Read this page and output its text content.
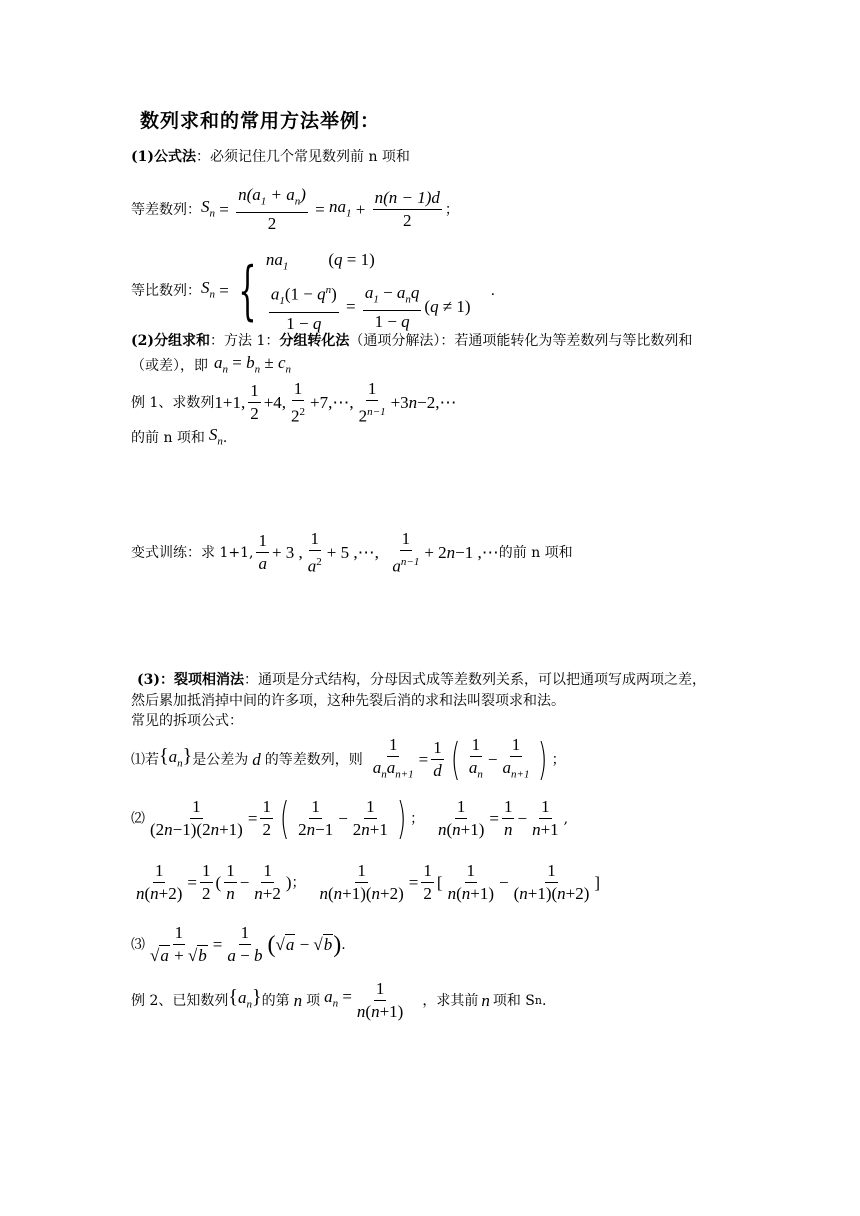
数列求和的常用方法举例：
(1)公式法：必须记住几个常见数列前 n 项和
等差数列： $S_n = \frac{n(a_1 + a_n)}{2} = na_1 + \frac{n(n - 1)d}{2}$ ；
等比数列： $S_n$ = { $na_1$ (q = 1)
$\frac{a_1(1 - q^n)}{1 - q}$ =
$a_1 - a_nq$
1 − q
(q ≠ 1)
.
(2)分组求和：方法 1：分组转化法（通项分解法）：若通项能转化为等差数列与等比数列和
（或差），即 $a_n = b_n \pm c_n$
例 1、求数列 1+1,
1
2
+4,
1
$2^2$
+7,⋯,
1
$2^{n-1}$
+3 n −2,⋯
的前 n 项和 $S_n$ .
变式训练：求 1+1,
1
a
+ 3 ,
1
$a^2$
+ 5 ,⋯,
1
$a^{n-1}$
+ 2 n −1 ,⋯ 的前 n 项和
(3)：裂项相消法：通项是分式结构，分母因式成等差数列关系，可以把通项写成两项之差，
然后累加抵消掉中间的许多项，这种先裂后消的求和法叫裂项求和法。
常见的拆项公式：
⑴若 $\{a_n\}$ 是公差为 d 的等差数列，则
1
$a_na_{n+1}$
= $\frac{1}{d}$ ( 1
$a_n$
− $\frac{1}{a_{n+1}}$ ) ；
⑵ $\frac{1}{(2n-1)(2n+1)} = \frac{1}{2}$ ( 1
2n−1
− $\frac{1}{2n+1}$ ) ； $\frac{1}{n(n+1)} = \frac{1}{n} - \frac{1}{n+1}$ ,
$\frac{1}{n(n+2)} = \frac{1}{2}$ (
1
n
− $\frac{1}{n+2}$ ) ； $\frac{1}{n(n+1)(n+2)} = \frac{1}{2}$ [
1
n(n+1)
− $\frac{1}{(n+1)(n+2)}$ ]
⑶ $\frac{1}{√a + √b} = \frac{1}{a - b}$ ( √a − √b ) .
例 2、已知数列 $\{a_n\}$ 的第 n 项 $a_n = \frac{1}{n(n+1)}$ ，求其前 n 项和 S n .
